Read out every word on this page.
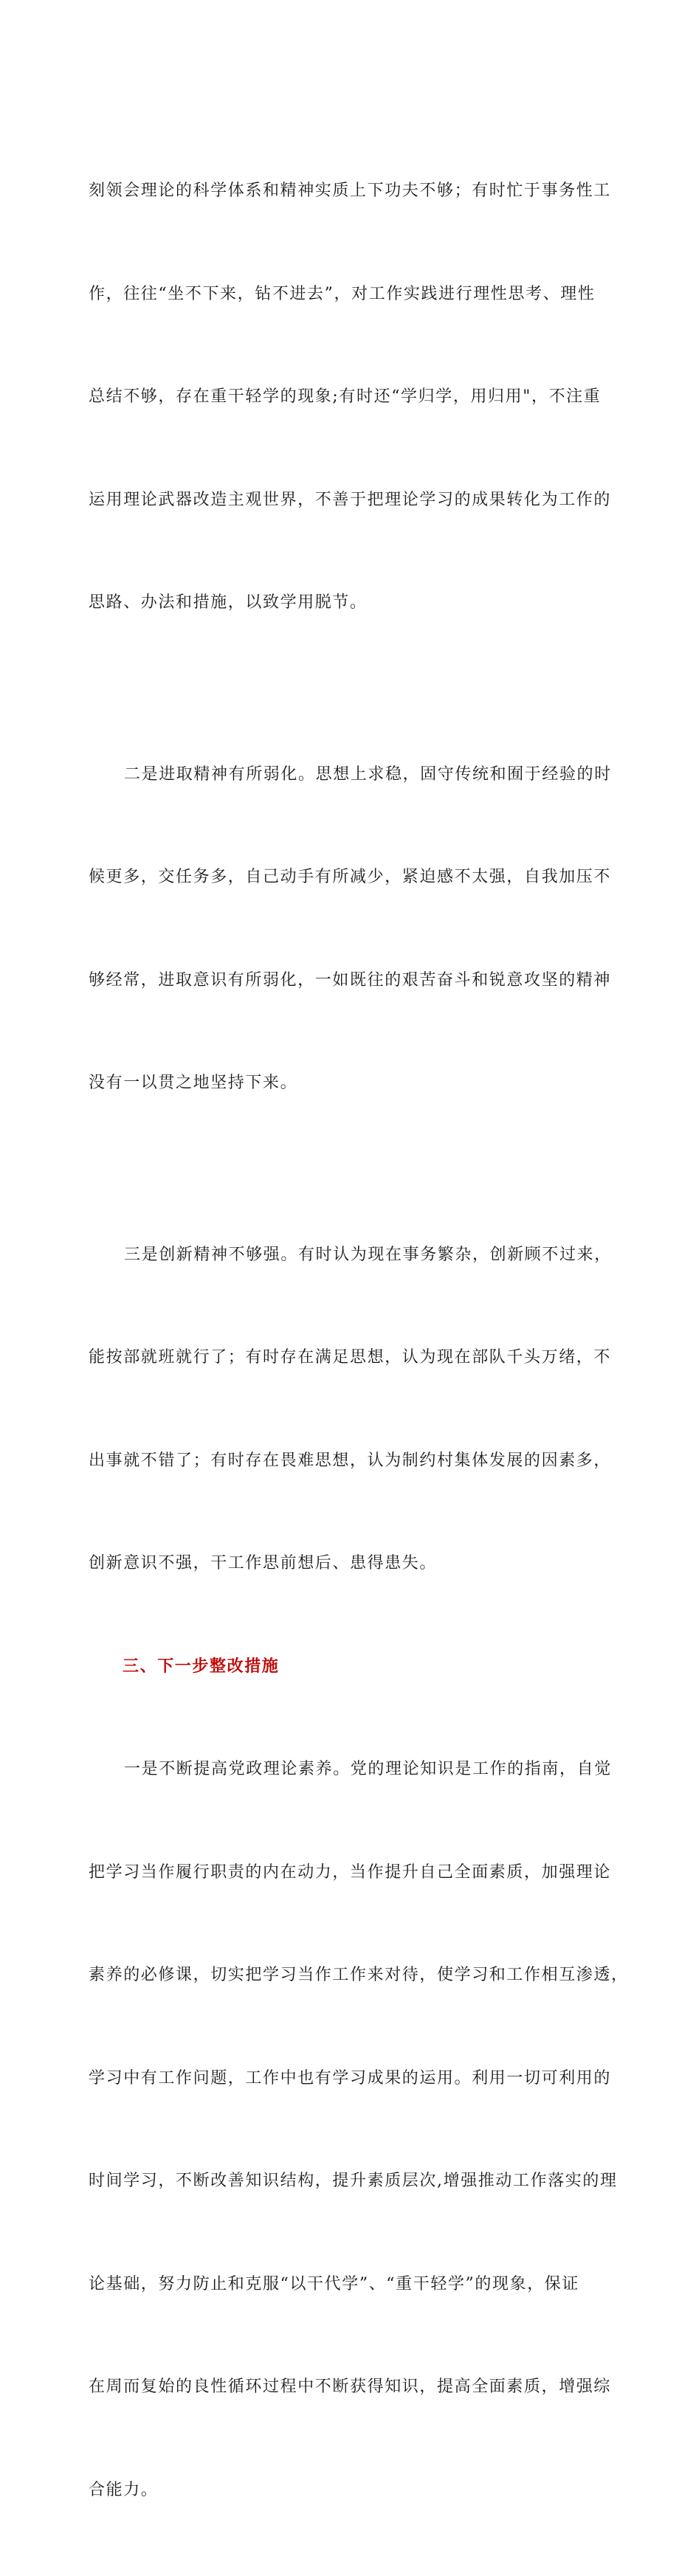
刻领会理论的科学体系和精神实质上下功夫不够；有时忙于事务性工

作，往往“坐不下来，钻不进去”，对工作实践进行理性思考、理性

总结不够，存在重干轻学的现象;有时还“学归学，用归用"，不注重

运用理论武器改造主观世界，不善于把理论学习的成果转化为工作的

思路、办法和措施，以致学用脱节。

二是进取精神有所弱化。思想上求稳，固守传统和囿于经验的时

候更多，交任务多，自己动手有所减少，紧迫感不太强，自我加压不

够经常，进取意识有所弱化，一如既往的艰苦奋斗和锐意攻坚的精神

没有一以贯之地坚持下来。

三是创新精神不够强。有时认为现在事务繁杂，创新顾不过来，

能按部就班就行了；有时存在满足思想，认为现在部队千头万绪，不

出事就不错了；有时存在畏难思想，认为制约村集体发展的因素多，

创新意识不强，干工作思前想后、患得患失。

三、下一步整改措施

一是不断提高党政理论素养。党的理论知识是工作的指南，自觉

把学习当作履行职责的内在动力，当作提升自己全面素质，加强理论

素养的必修课，切实把学习当作工作来对待，使学习和工作相互渗透，

学习中有工作问题，工作中也有学习成果的运用。利用一切可利用的

时间学习，不断改善知识结构，提升素质层次,增强推动工作落实的理

论基础，努力防止和克服“以干代学”、“重干轻学”的现象，保证

在周而复始的良性循环过程中不断获得知识，提高全面素质，增强综

合能力。
